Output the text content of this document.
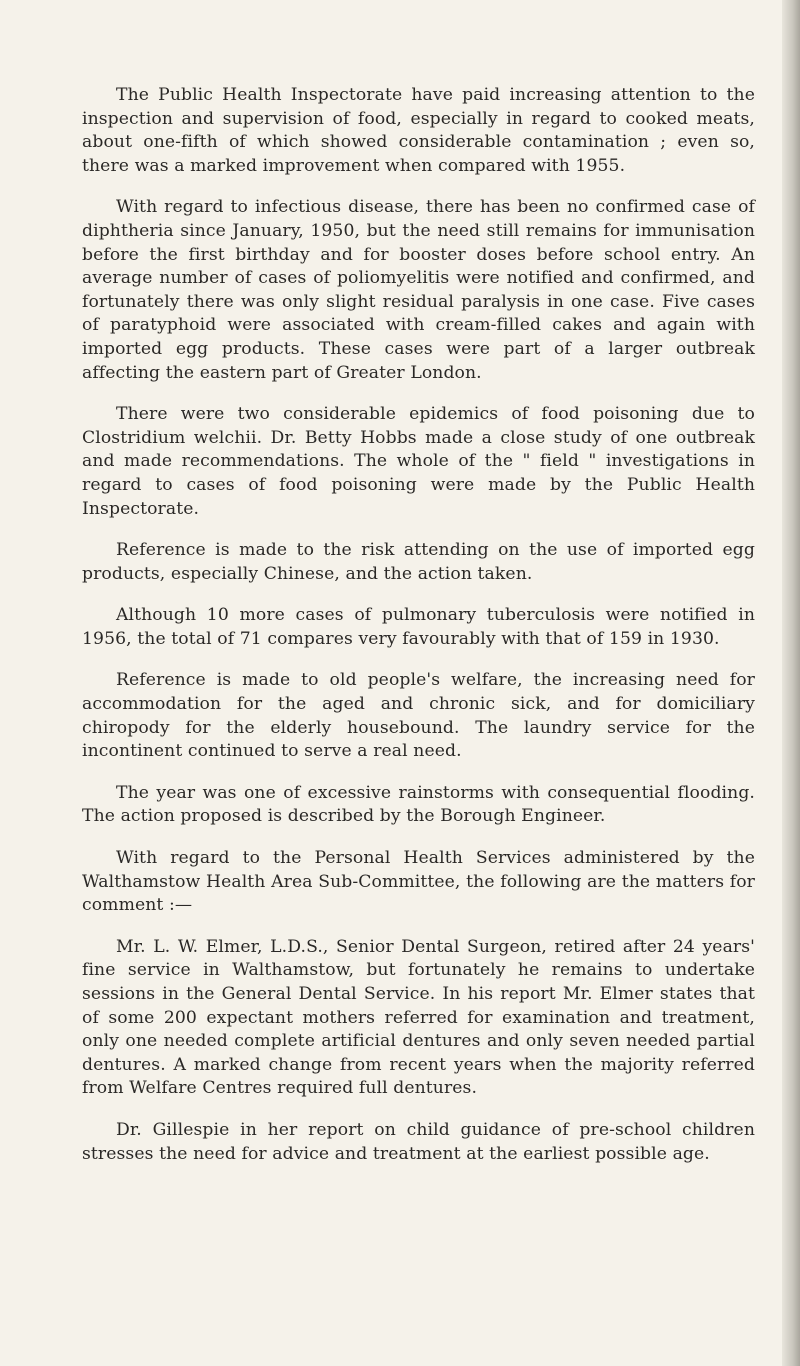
The Public Health Inspectorate have paid increasing attention to the inspection and supervision of food, especially in regard to cooked meats, about one-fifth of which showed considerable contamination ; even so, there was a marked improvement when compared with 1955.

With regard to infectious disease, there has been no confirmed case of diphtheria since January, 1950, but the need still remains for immunisation before the first birthday and for booster doses before school entry. An average number of cases of poliomyelitis were notified and confirmed, and fortunately there was only slight residual paralysis in one case. Five cases of paratyphoid were associated with cream-filled cakes and again with imported egg products. These cases were part of a larger outbreak affecting the eastern part of Greater London.

There were two considerable epidemics of food poisoning due to Clostridium welchii. Dr. Betty Hobbs made a close study of one outbreak and made recommendations. The whole of the " field " investigations in regard to cases of food poisoning were made by the Public Health Inspectorate.

Reference is made to the risk attending on the use of imported egg products, especially Chinese, and the action taken.

Although 10 more cases of pulmonary tuberculosis were notified in 1956, the total of 71 compares very favourably with that of 159 in 1930.

Reference is made to old people's welfare, the increasing need for accommodation for the aged and chronic sick, and for domiciliary chiropody for the elderly housebound. The laundry service for the incontinent continued to serve a real need.

The year was one of excessive rainstorms with consequential flooding. The action proposed is described by the Borough Engineer.

With regard to the Personal Health Services administered by the Walthamstow Health Area Sub-Committee, the following are the matters for comment :—

Mr. L. W. Elmer, L.D.S., Senior Dental Surgeon, retired after 24 years' fine service in Walthamstow, but fortunately he remains to undertake sessions in the General Dental Service. In his report Mr. Elmer states that of some 200 expectant mothers referred for examination and treatment, only one needed complete artificial dentures and only seven needed partial dentures. A marked change from recent years when the majority referred from Welfare Centres required full dentures.

Dr. Gillespie in her report on child guidance of pre-school children stresses the need for advice and treatment at the earliest possible age.
